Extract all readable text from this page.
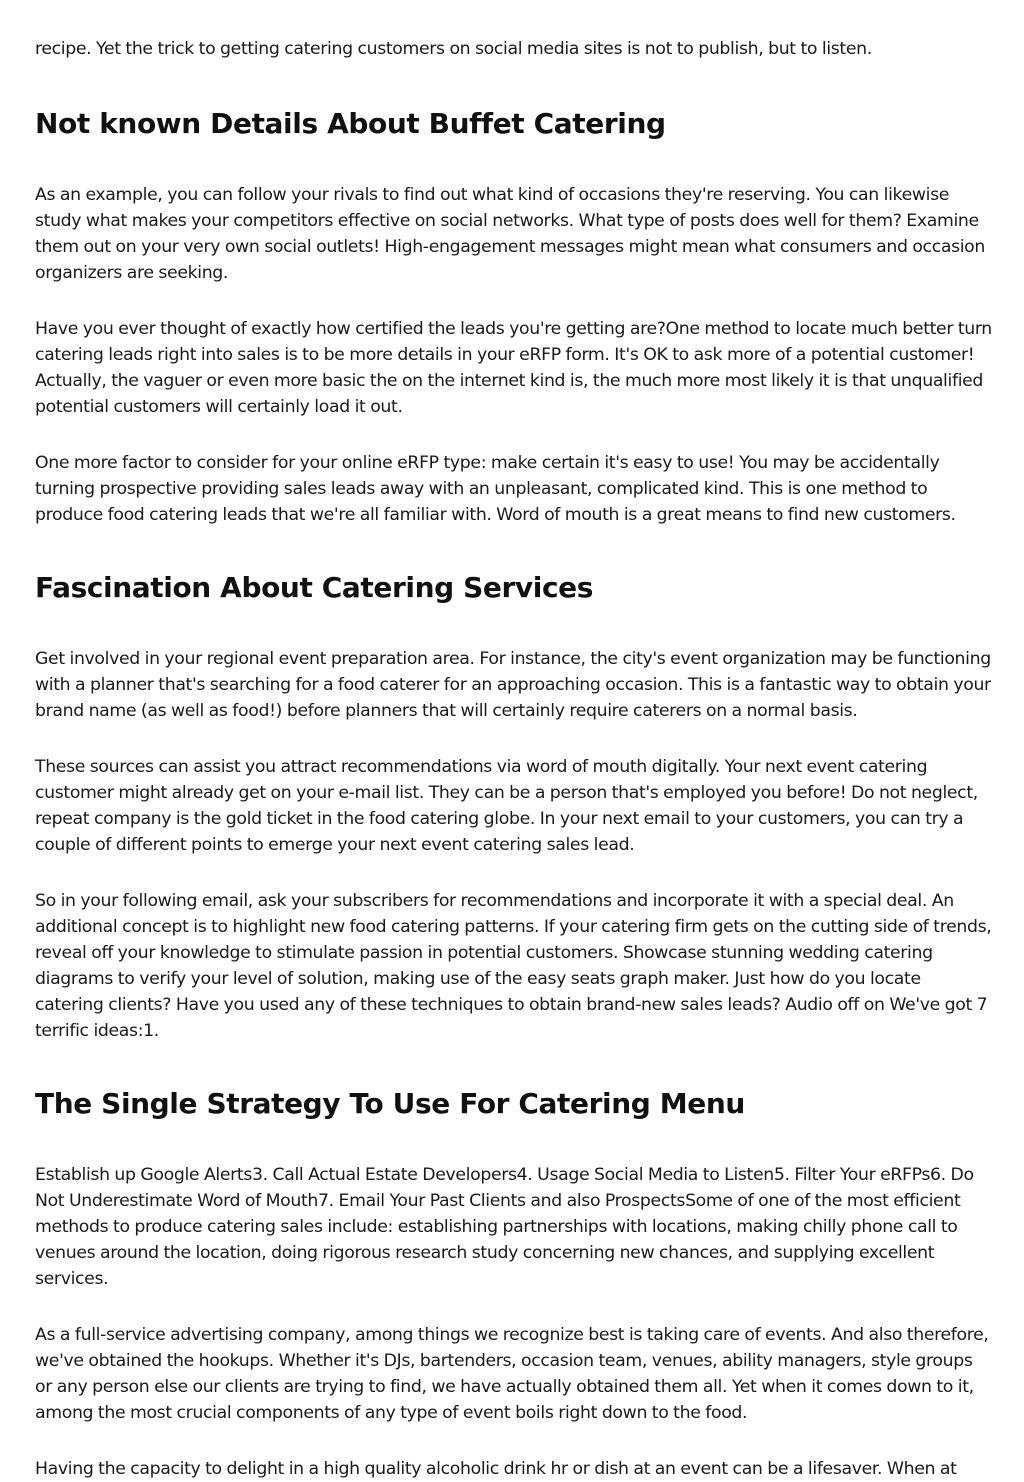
recipe. Yet the trick to getting catering customers on social media sites is not to publish, but to listen.

Not known Details About Buffet Catering

As an example, you can follow your rivals to find out what kind of occasions they're reserving. You can likewise study what makes your competitors effective on social networks. What type of posts does well for them? Examine them out on your very own social outlets! High-engagement messages might mean what consumers and occasion organizers are seeking.

Have you ever thought of exactly how certified the leads you're getting are?One method to locate much better turn catering leads right into sales is to be more details in your eRFP form. It's OK to ask more of a potential customer! Actually, the vaguer or even more basic the on the internet kind is, the much more most likely it is that unqualified potential customers will certainly load it out.

One more factor to consider for your online eRFP type: make certain it's easy to use! You may be accidentally turning prospective providing sales leads away with an unpleasant, complicated kind. This is one method to produce food catering leads that we're all familiar with. Word of mouth is a great means to find new customers.

Fascination About Catering Services

Get involved in your regional event preparation area. For instance, the city's event organization may be functioning with a planner that's searching for a food caterer for an approaching occasion. This is a fantastic way to obtain your brand name (as well as food!) before planners that will certainly require caterers on a normal basis.

These sources can assist you attract recommendations via word of mouth digitally. Your next event catering customer might already get on your e-mail list. They can be a person that's employed you before! Do not neglect, repeat company is the gold ticket in the food catering globe. In your next email to your customers, you can try a couple of different points to emerge your next event catering sales lead.

So in your following email, ask your subscribers for recommendations and incorporate it with a special deal. An additional concept is to highlight new food catering patterns. If your catering firm gets on the cutting side of trends, reveal off your knowledge to stimulate passion in potential customers. Showcase stunning wedding catering diagrams to verify your level of solution, making use of the easy seats graph maker. Just how do you locate catering clients? Have you used any of these techniques to obtain brand-new sales leads? Audio off on We've got 7 terrific ideas:1.

The Single Strategy To Use For Catering Menu

Establish up Google Alerts3. Call Actual Estate Developers4. Usage Social Media to Listen5. Filter Your eRFPs6. Do Not Underestimate Word of Mouth7. Email Your Past Clients and also ProspectsSome of one of the most efficient methods to produce catering sales include: establishing partnerships with locations, making chilly phone call to venues around the location, doing rigorous research study concerning new chances, and supplying excellent services.

As a full-service advertising company, among things we recognize best is taking care of events. And also therefore, we've obtained the hookups. Whether it's DJs, bartenders, occasion team, venues, ability managers, style groups or any person else our clients are trying to find, we have actually obtained them all. Yet when it comes down to it, among the most crucial components of any type of event boils right down to the food.

Having the capacity to delight in a high quality alcoholic drink hr or dish at an event can be a lifesaver. When at
